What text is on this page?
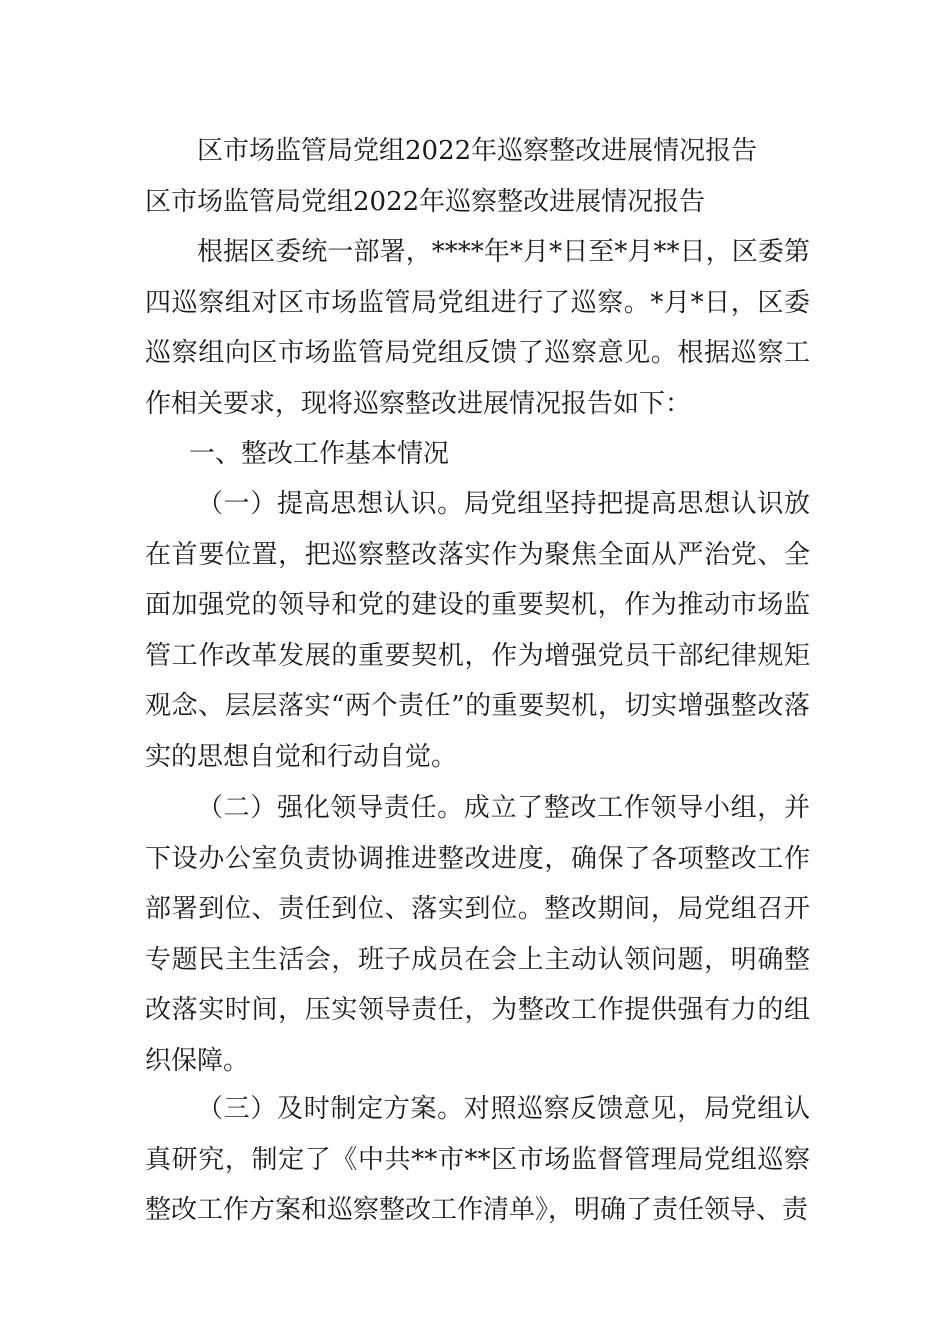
区市场监管局党组2022年巡察整改进展情况报告
区市场监管局党组2022年巡察整改进展情况报告

根据区委统一部署，****年*月*日至*月**日，区委第四巡察组对区市场监管局党组进行了巡察。*月*日，区委巡察组向区市场监管局党组反馈了巡察意见。根据巡察工作相关要求，现将巡察整改进展情况报告如下：

一、整改工作基本情况

（一）提高思想认识。局党组坚持把提高思想认识放在首要位置，把巡察整改落实作为聚焦全面从严治党、全面加强党的领导和党的建设的重要契机，作为推动市场监管工作改革发展的重要契机，作为增强党员干部纪律规矩观念、层层落实“两个责任”的重要契机，切实增强整改落实的思想自觉和行动自觉。

（二）强化领导责任。成立了整改工作领导小组，并下设办公室负责协调推进整改进度，确保了各项整改工作部署到位、责任到位、落实到位。整改期间，局党组召开专题民主生活会，班子成员在会上主动认领问题，明确整改落实时间，压实领导责任，为整改工作提供强有力的组织保障。

（三）及时制定方案。对照巡察反馈意见，局党组认真研究，制定了《中共**市**区市场监督管理局党组巡察整改工作方案和巡察整改工作清单》，明确了责任领导、责
